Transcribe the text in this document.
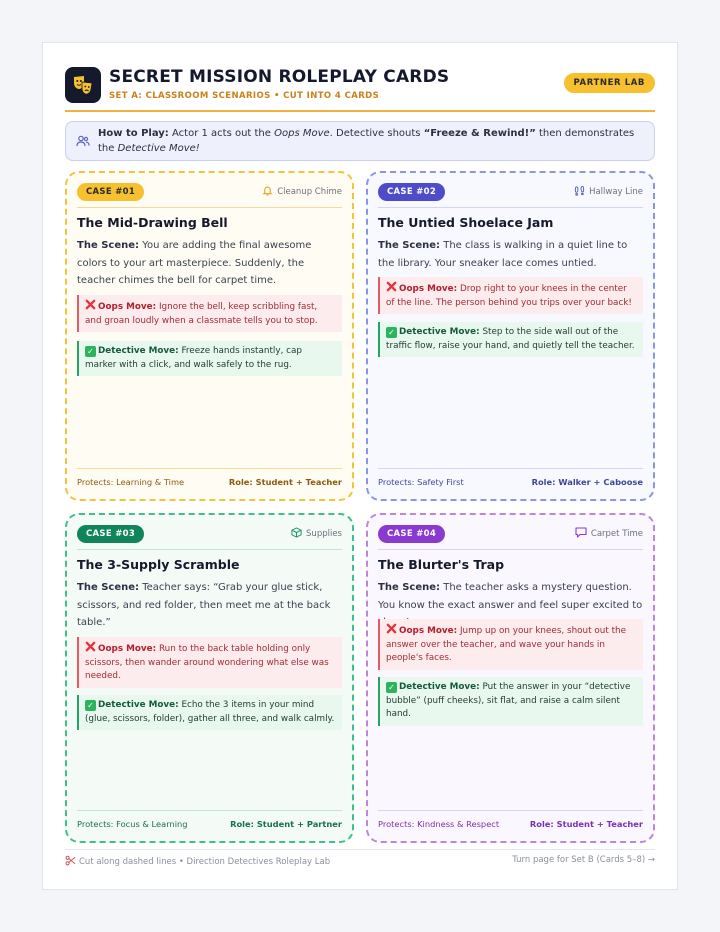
SECRET MISSION ROLEPLAY CARDS
SET A: CLASSROOM SCENARIOS • CUT INTO 4 CARDS
PARTNER LAB
How to Play: Actor 1 acts out the Oops Move. Detective shouts “Freeze & Rewind!” then demonstrates the Detective Move!
CASE #01	Cleanup Chime
The Mid-Drawing Bell
The Scene: You are adding the final awesome colors to your art masterpiece. Suddenly, the teacher chimes the bell for carpet time.
Oops Move: Ignore the bell, keep scribbling fast, and groan loudly when a classmate tells you to stop.
✓ Detective Move: Freeze hands instantly, cap marker with a click, and walk safely to the rug.
Protects: Learning & Time	Role: Student + Teacher
CASE #02	Hallway Line
The Untied Shoelace Jam
The Scene: The class is walking in a quiet line to the library. Your sneaker lace comes untied.
Oops Move: Drop right to your knees in the center of the line. The person behind you trips over your back!
✓ Detective Move: Step to the side wall out of the traffic flow, raise your hand, and quietly tell the teacher.
Protects: Safety First	Role: Walker + Caboose
CASE #03	Supplies
The 3-Supply Scramble
The Scene: Teacher says: “Grab your glue stick, scissors, and red folder, then meet me at the back table.”
Oops Move: Run to the back table holding only scissors, then wander around wondering what else was needed.
✓ Detective Move: Echo the 3 items in your mind (glue, scissors, folder), gather all three, and walk calmly.
Protects: Focus & Learning	Role: Student + Partner
CASE #04	Carpet Time
The Blurter's Trap
The Scene: The teacher asks a mystery question. You know the exact answer and feel super excited to
Oops Move: Jump up on your knees, shout out the answer over the teacher, and wave your hands in people's faces.
✓ Detective Move: Put the answer in your “detective bubble” (puff cheeks), sit flat, and raise a calm silent hand.
Protects: Kindness & Respect	Role: Student + Teacher
Cut along dashed lines • Direction Detectives Roleplay Lab	Turn page for Set B (Cards 5–8) →
